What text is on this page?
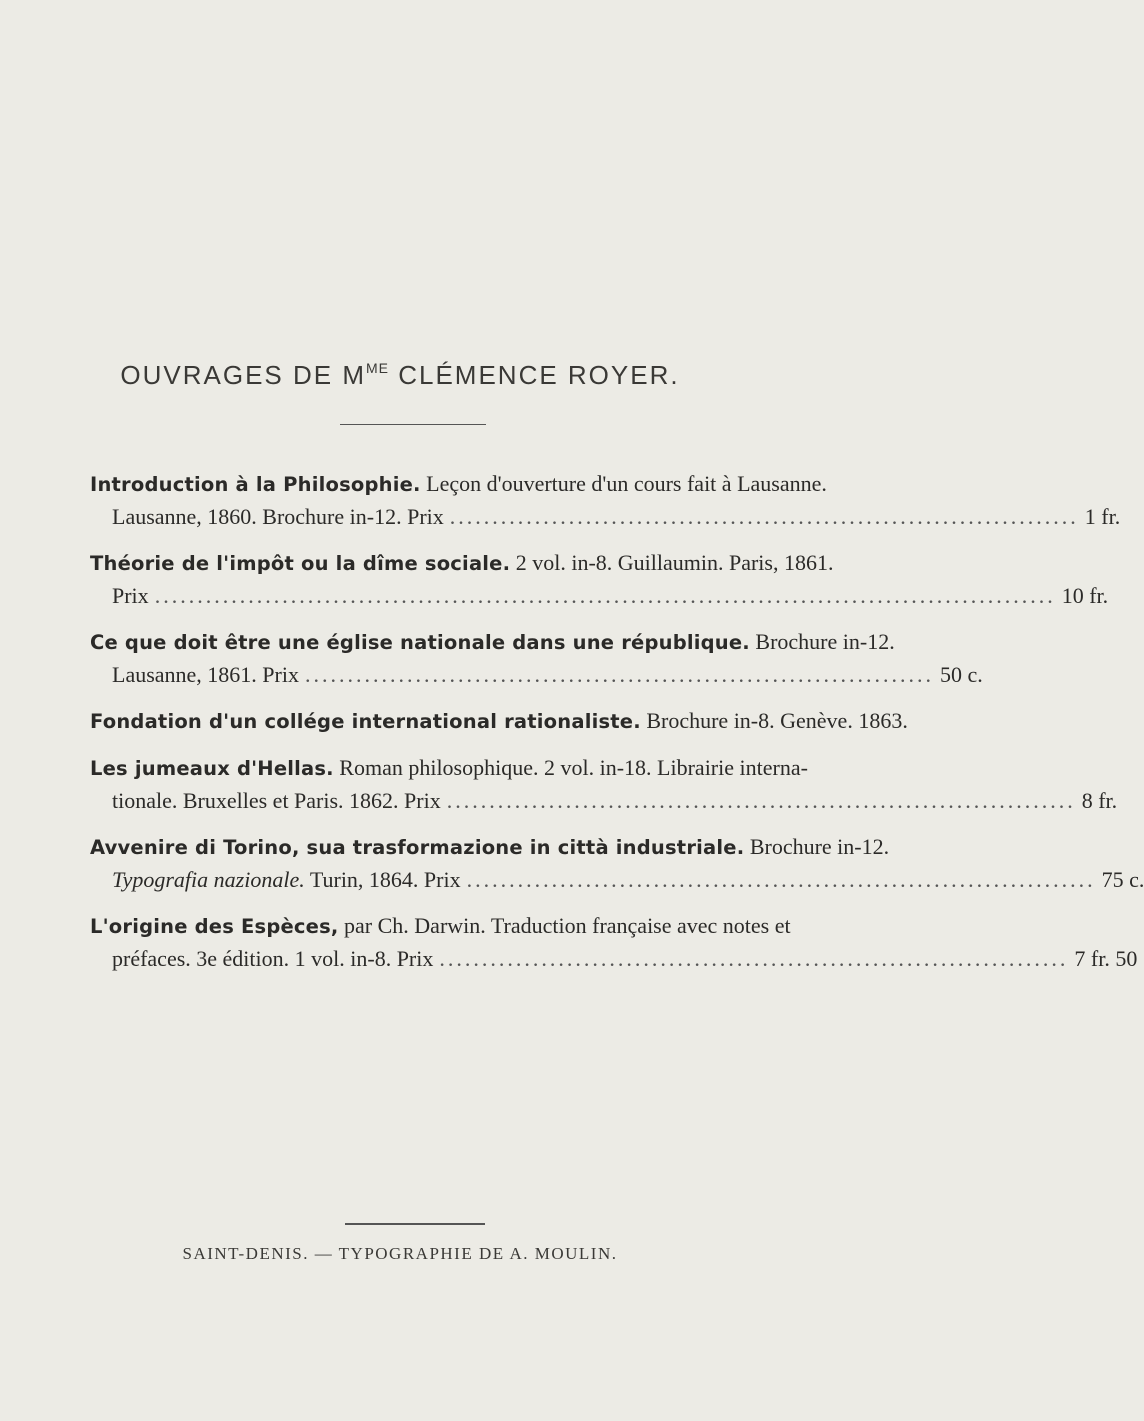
OUVRAGES DE $M^{ME}$ CLÉMENCE ROYER.
Introduction à la Philosophie. Leçon d'ouverture d'un cours fait à Lausanne.
Lausanne, 1860. Brochure in-12. Prix .......................................................................... 1 fr.
Théorie de l'impôt ou la dîme sociale. 2 vol. in-8. Guillaumin. Paris, 1861.
Prix .......................................................................................................... 10 fr.
Ce que doit être une église nationale dans une république. Brochure in-12.
Lausanne, 1861. Prix .......................................................................... 50 c.
Fondation d'un collége international rationaliste. Brochure in-8. Genève. 1863.
Les jumeaux d'Hellas. Roman philosophique. 2 vol. in-18. Librairie interna-
tionale. Bruxelles et Paris. 1862. Prix .......................................................................... 8 fr.
Avvenire di Torino, sua trasformazione in città industriale. Brochure in-12.
Typografia nazionale. Turin, 1864. Prix .......................................................................... 75 c.
L'origine des Espèces, par Ch. Darwin. Traduction française avec notes et
préfaces. 3e édition. 1 vol. in-8. Prix .......................................................................... 7 fr. 50
SAINT-DENIS. — TYPOGRAPHIE DE A. MOULIN.
